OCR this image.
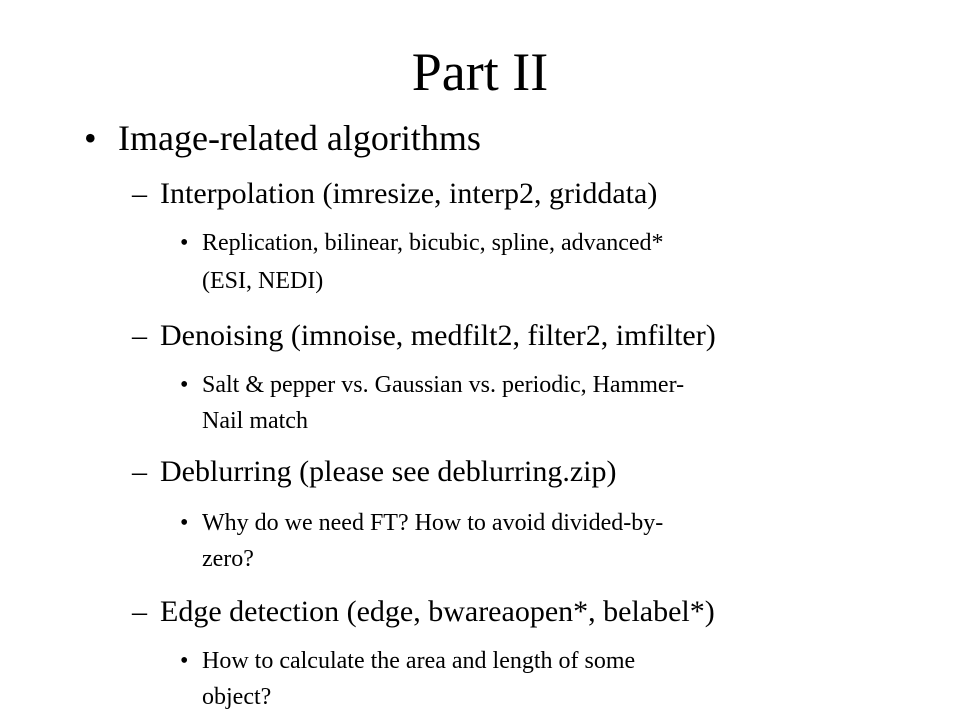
Part II
• Image-related algorithms
– Interpolation (imresize, interp2, griddata)
• Replication, bilinear, bicubic, spline, advanced*
(ESI, NEDI)
– Denoising (imnoise, medfilt2, filter2, imfilter)
• Salt & pepper vs. Gaussian vs. periodic, Hammer-
Nail match
– Deblurring (please see deblurring.zip)
• Why do we need FT? How to avoid divided-by-
zero?
– Edge detection (edge, bwareaopen*, belabel*)
• How to calculate the area and length of some
object?
